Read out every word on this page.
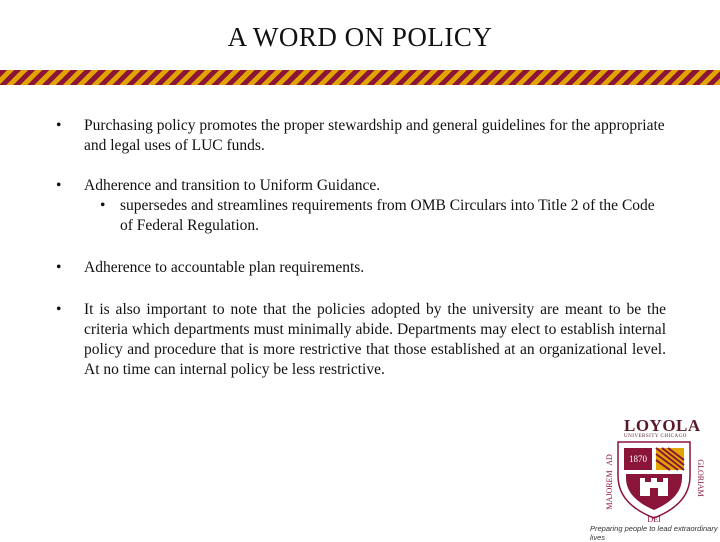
A WORD ON POLICY
• Purchasing policy promotes the proper stewardship and general guidelines for the appropriate and legal uses of LUC funds.
• Adherence and transition to Uniform Guidance.
• supersedes and streamlines requirements from OMB Circulars into Title 2 of the Code of Federal Regulation.
• Adherence to accountable plan requirements.
• It is also important to note that the policies adopted by the university are meant to be the criteria which departments must minimally abide. Departments may elect to establish internal policy and procedure that is more restrictive that those established at an organizational level. At no time can internal policy be less restrictive.
LOYOLA
UNIVERSITY CHICAGO
1870
AD
MAJOREM
DEI
GLORIAM
Preparing people to lead extraordinary lives
